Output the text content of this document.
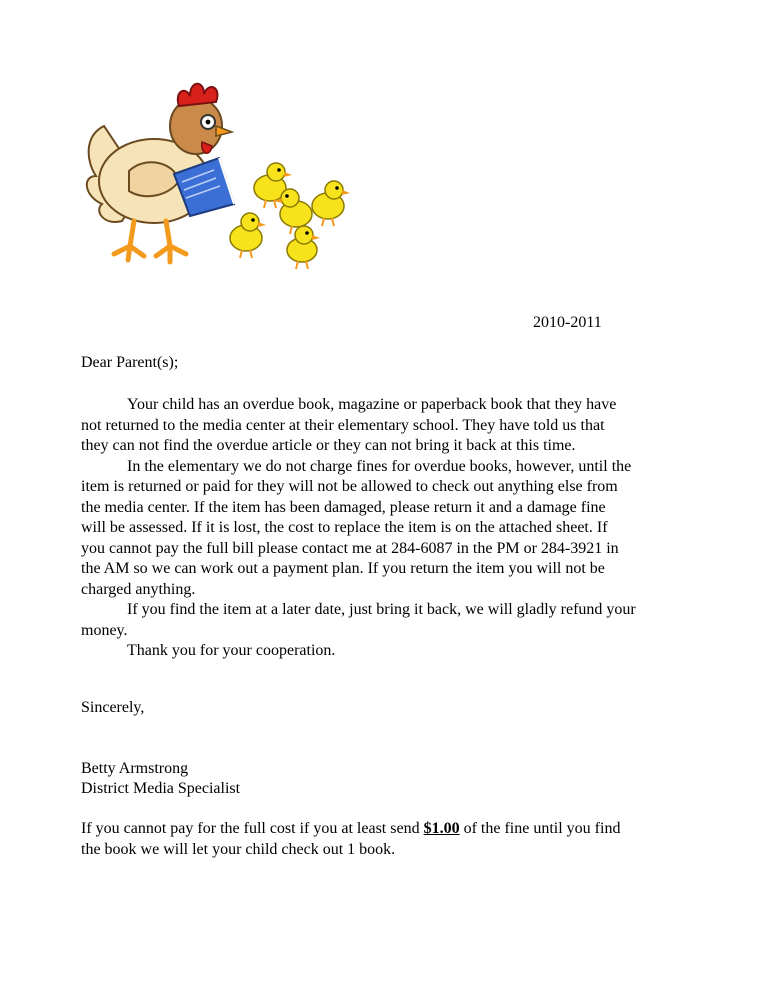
2010-2011
Dear Parent(s);

Your child has an overdue book, magazine or paperback book that they have
not returned to the media center at their elementary school. They have told us that
they can not find the overdue article or they can not bring it back at this time.

In the elementary we do not charge fines for overdue books, however, until the
item is returned or paid for they will not be allowed to check out anything else from
the media center. If the item has been damaged, please return it and a damage fine
will be assessed. If it is lost, the cost to replace the item is on the attached sheet. If
you cannot pay the full bill please contact me at 284-6087 in the PM or 284-3921 in
the AM so we can work out a payment plan. If you return the item you will not be
charged anything.

If you find the item at a later date, just bring it back, we will gladly refund your
money.

Thank you for your cooperation.

Sincerely,
Betty Armstrong
District Media Specialist
If you cannot pay for the full cost if you at least send $1.00 of the fine until you find
the book we will let your child check out 1 book.
